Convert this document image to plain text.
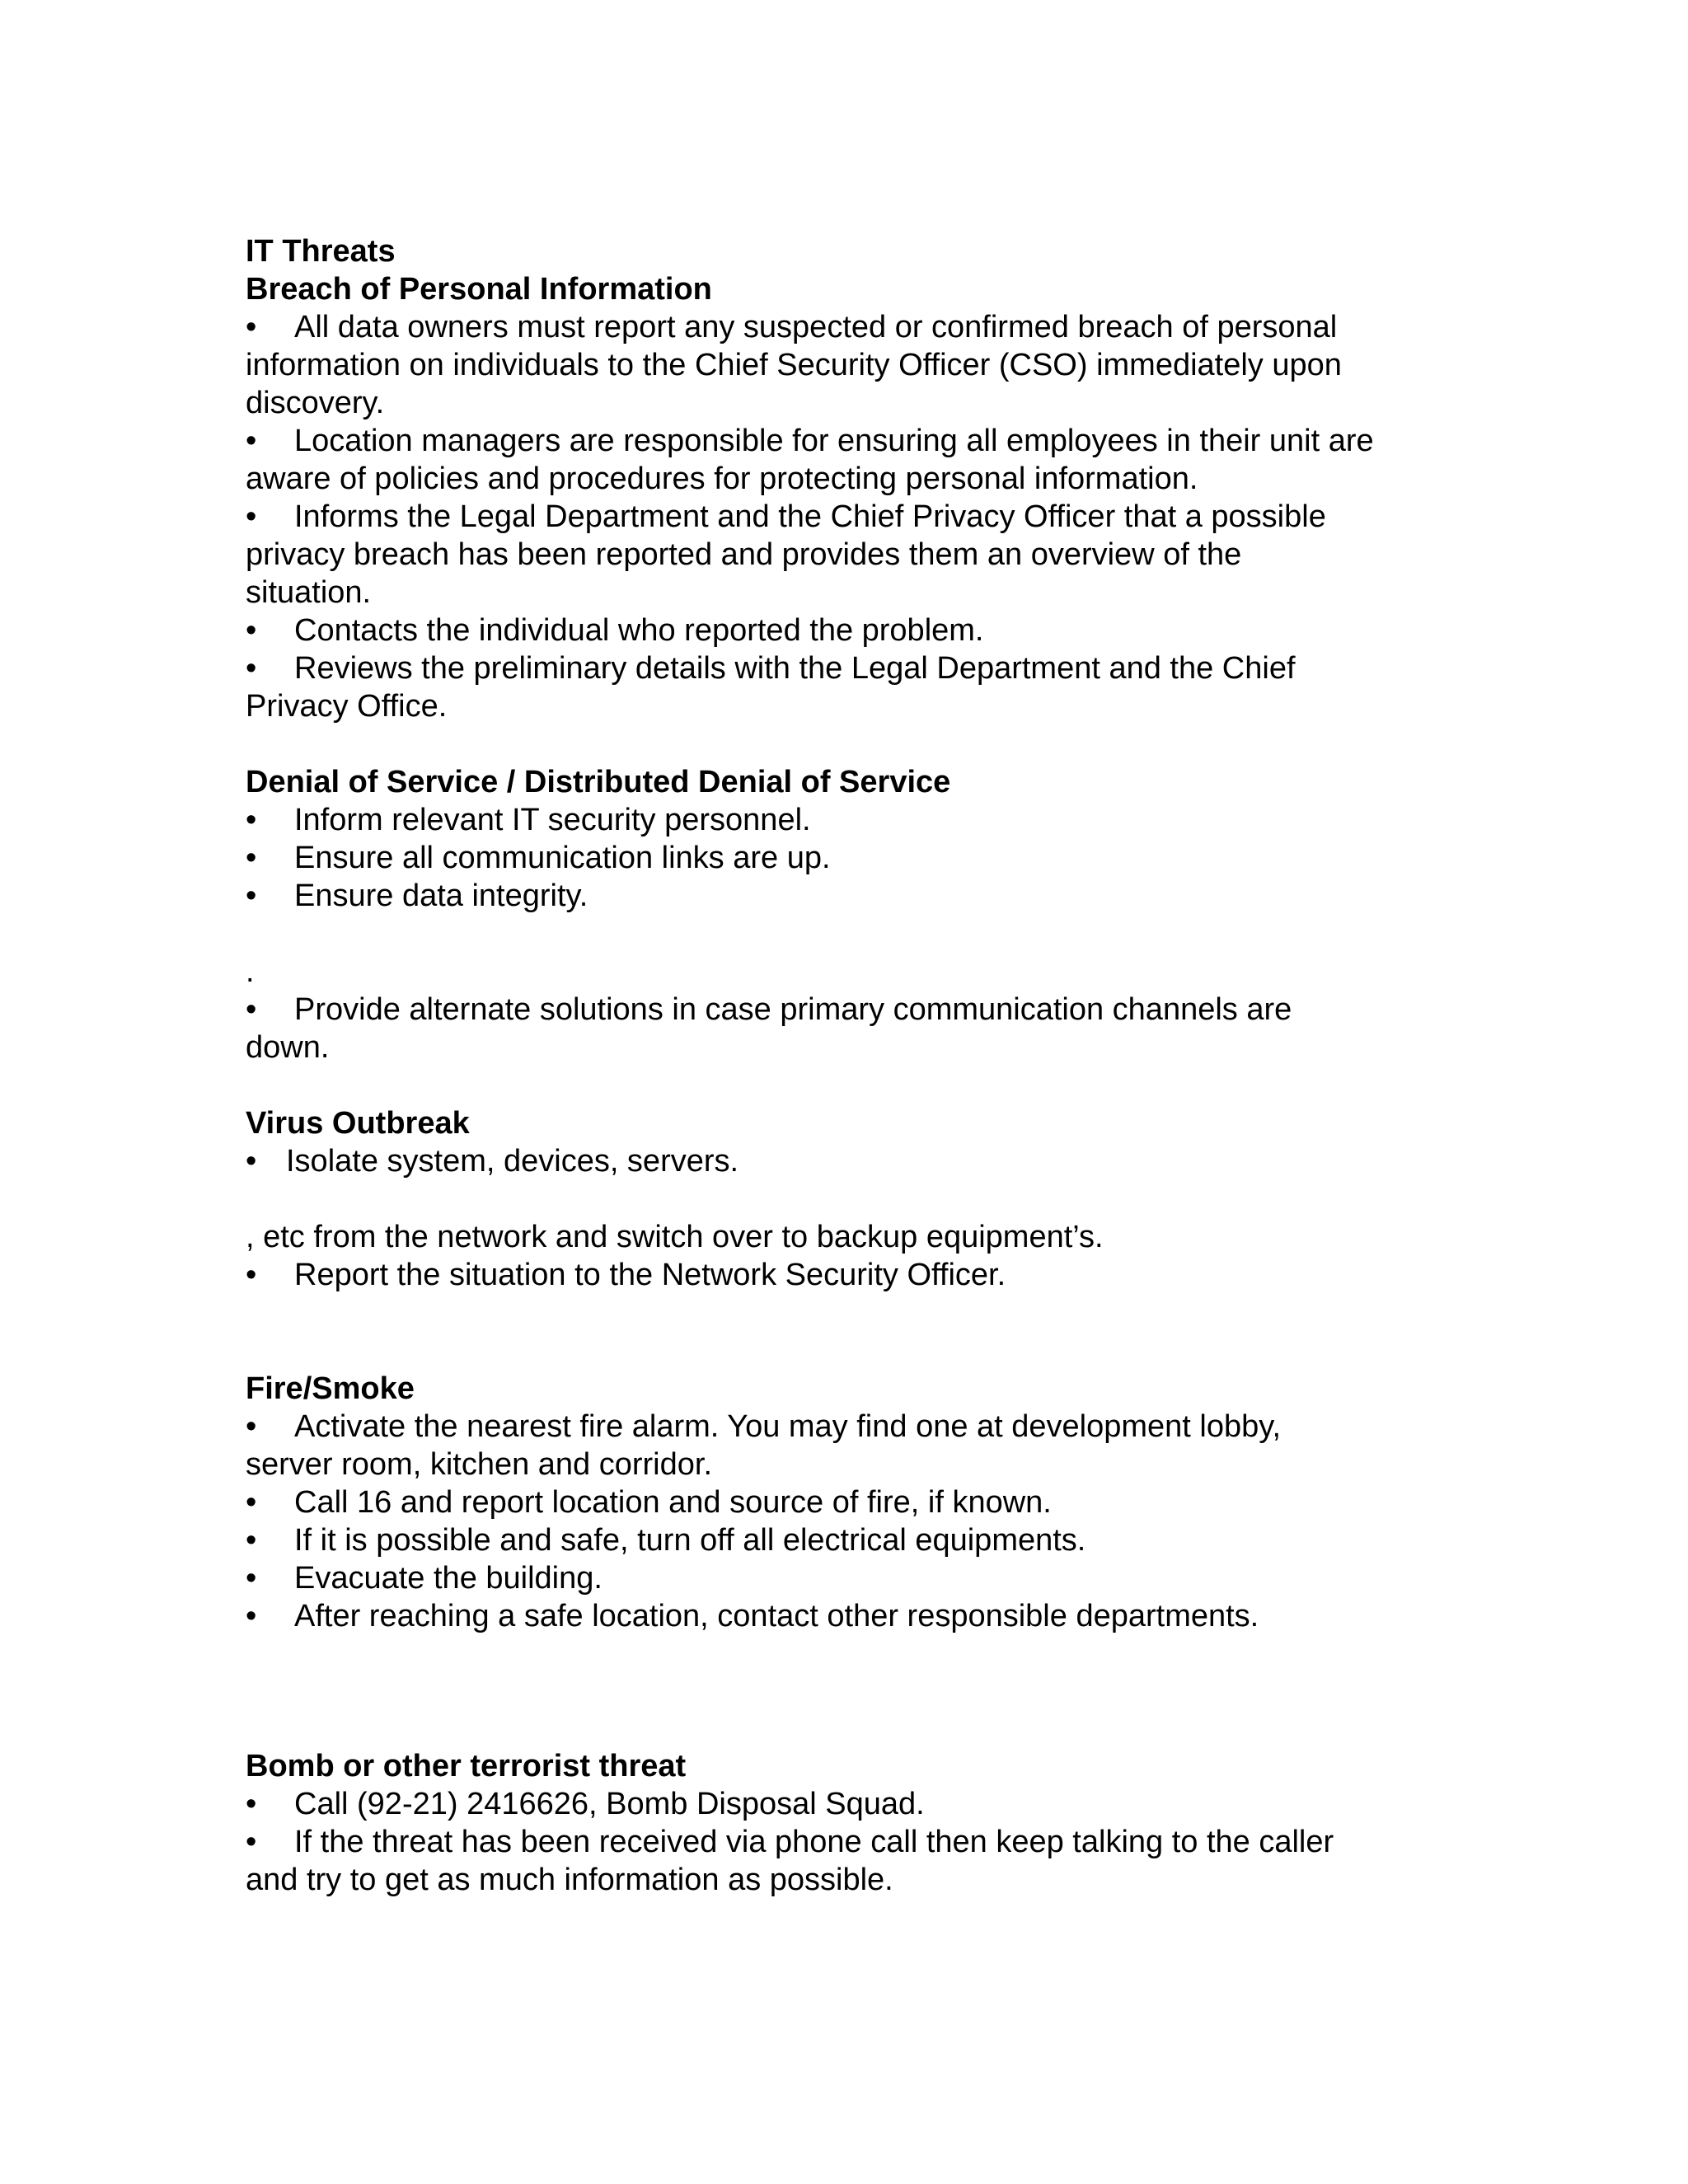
IT Threats
Breach of Personal Information
• All data owners must report any suspected or confirmed breach of personal
information on individuals to the Chief Security Officer (CSO) immediately upon
discovery.
• Location managers are responsible for ensuring all employees in their unit are
aware of policies and procedures for protecting personal information.
• Informs the Legal Department and the Chief Privacy Officer that a possible
privacy breach has been reported and provides them an overview of the
situation.
• Contacts the individual who reported the problem.
• Reviews the preliminary details with the Legal Department and the Chief
Privacy Office.
Denial of Service / Distributed Denial of Service
• Inform relevant IT security personnel.
• Ensure all communication links are up.
• Ensure data integrity.
.
• Provide alternate solutions in case primary communication channels are
down.
Virus Outbreak
• Isolate system, devices, servers.
, etc from the network and switch over to backup equipment’s.
• Report the situation to the Network Security Officer.
Fire/Smoke
• Activate the nearest fire alarm. You may find one at development lobby,
server room, kitchen and corridor.
• Call 16 and report location and source of fire, if known.
• If it is possible and safe, turn off all electrical equipments.
• Evacuate the building.
• After reaching a safe location, contact other responsible departments.
Bomb or other terrorist threat
• Call (92-21) 2416626, Bomb Disposal Squad.
• If the threat has been received via phone call then keep talking to the caller
and try to get as much information as possible.
